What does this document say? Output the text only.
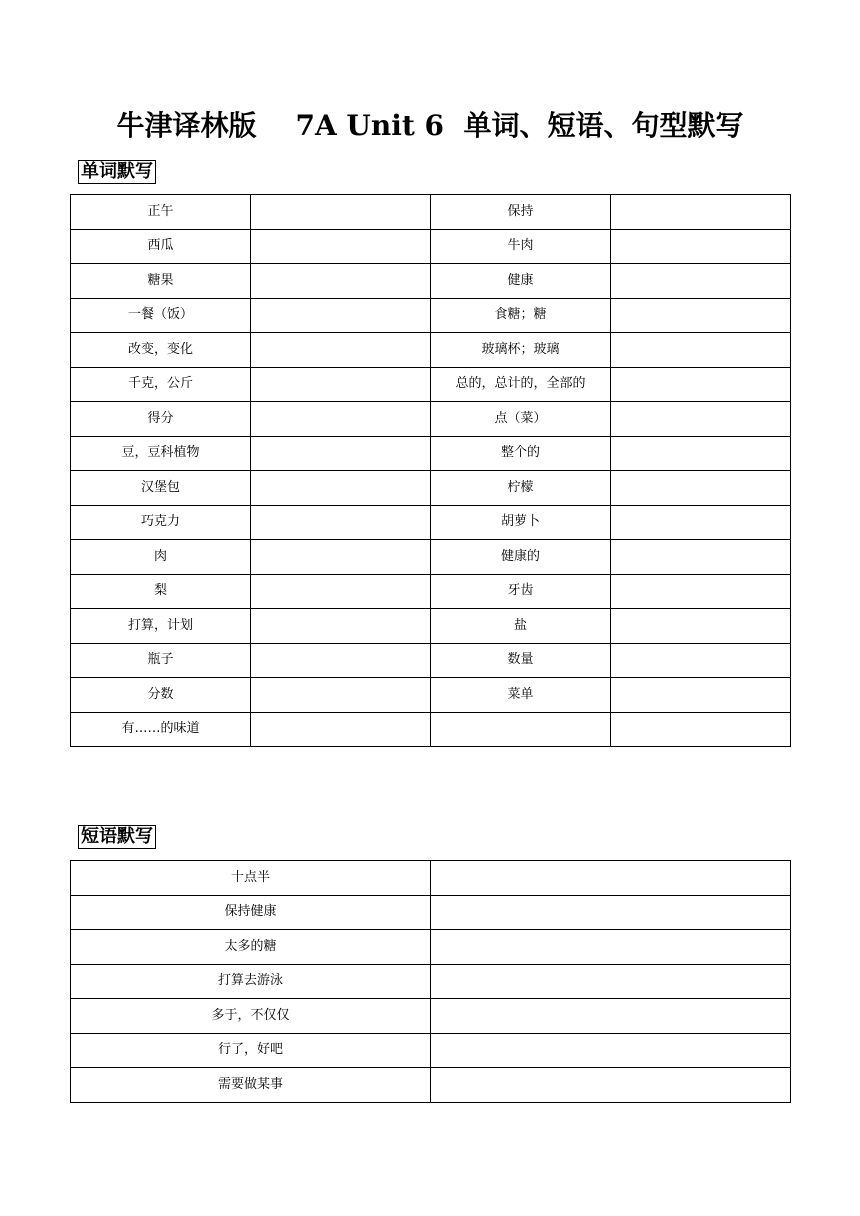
牛津译林版    7A Unit 6  单词、短语、句型默写
单词默写
正午		保持	
西瓜		牛肉	
糖果		健康	
一餐（饭）		食糖；糖	
改变，变化		玻璃杯；玻璃	
千克，公斤		总的，总计的，全部的	
得分		点（菜）	
豆，豆科植物		整个的	
汉堡包		柠檬	
巧克力		胡萝卜	
肉		健康的	
梨		牙齿	
打算，计划		盐	
瓶子		数量	
分数		菜单	
有……的味道			
短语默写
十点半	
保持健康	
太多的糖	
打算去游泳	
多于，不仅仅	
行了，好吧	
需要做某事	
